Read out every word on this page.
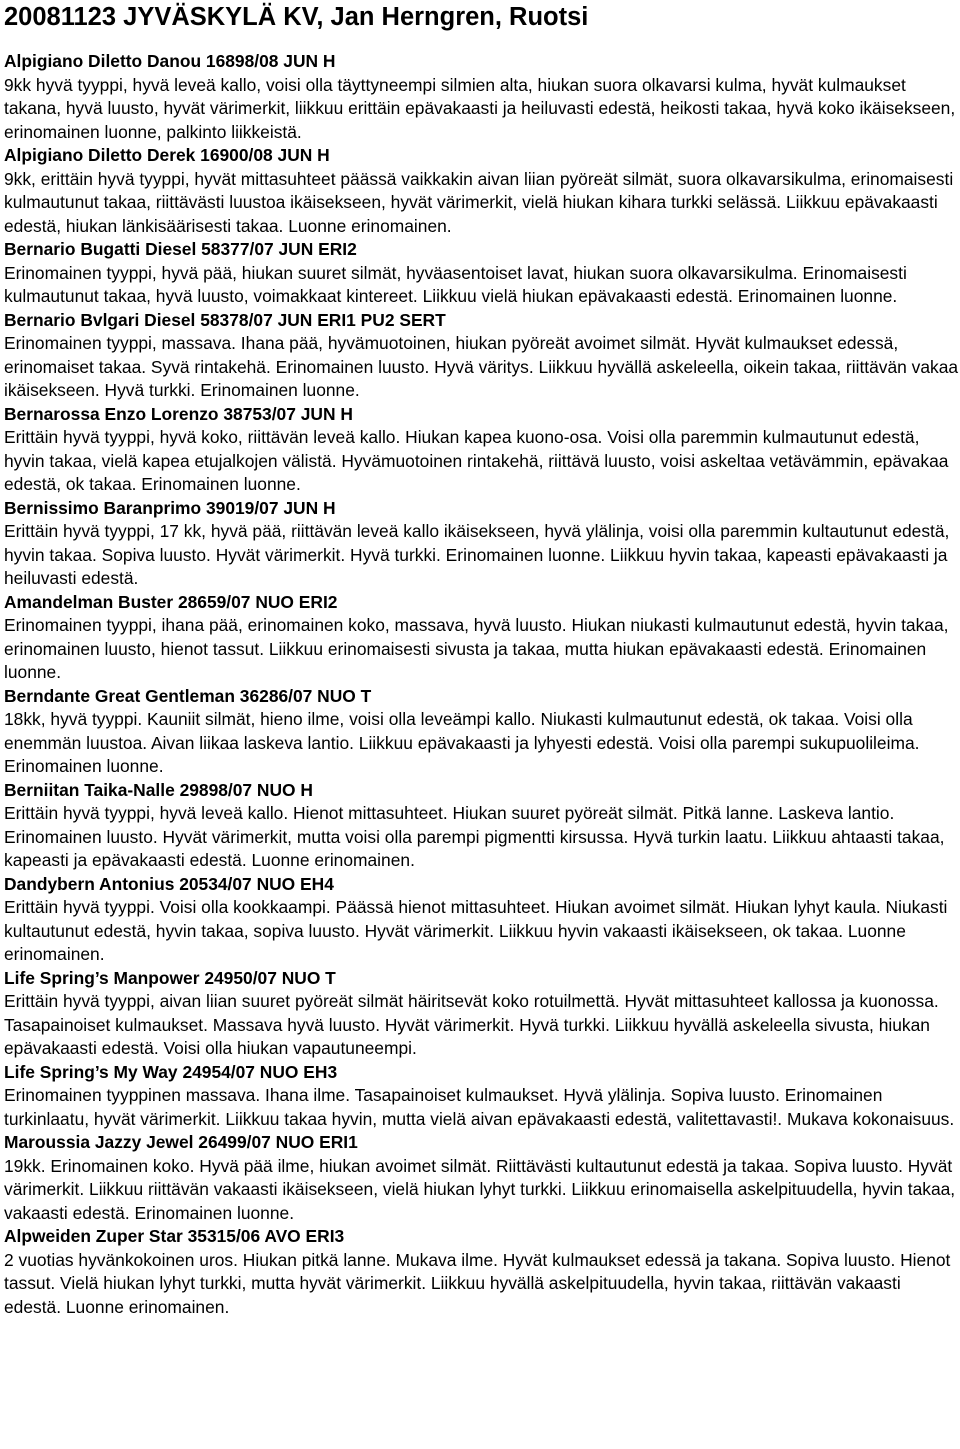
20081123 JYVÄSKYLÄ KV, Jan Herngren, Ruotsi
Alpigiano Diletto Danou 16898/08 JUN H
9kk hyvä tyyppi, hyvä leveä kallo, voisi olla täyttyneempi silmien alta, hiukan suora olkavarsi kulma, hyvät kulmaukset takana, hyvä luusto, hyvät värimerkit, liikkuu erittäin epävakaasti ja heiluvasti edestä, heikosti takaa, hyvä koko ikäisekseen, erinomainen luonne, palkinto liikkeistä.
Alpigiano Diletto Derek 16900/08 JUN H
9kk, erittäin hyvä tyyppi, hyvät mittasuhteet päässä vaikkakin aivan liian pyöreät silmät, suora olkavarsikulma, erinomaisesti kulmautunut takaa, riittävästi luustoa ikäisekseen, hyvät värimerkit, vielä hiukan kihara turkki selässä. Liikkuu epävakaasti edestä, hiukan länkisäärisesti takaa. Luonne erinomainen.
Bernario Bugatti Diesel 58377/07 JUN ERI2
Erinomainen tyyppi, hyvä pää, hiukan suuret silmät, hyväasentoiset lavat, hiukan suora olkavarsikulma. Erinomaisesti kulmautunut takaa, hyvä luusto, voimakkaat kintereet. Liikkuu vielä hiukan epävakaasti edestä. Erinomainen luonne.
Bernario Bvlgari Diesel 58378/07 JUN ERI1 PU2 SERT
Erinomainen tyyppi, massava. Ihana pää, hyvämuotoinen, hiukan pyöreät avoimet silmät. Hyvät kulmaukset edessä, erinomaiset takaa. Syvä rintakehä. Erinomainen luusto. Hyvä väritys. Liikkuu hyvällä askeleella, oikein takaa, riittävän vakaa ikäisekseen. Hyvä turkki. Erinomainen luonne.
Bernarossa Enzo Lorenzo 38753/07 JUN H
Erittäin hyvä tyyppi, hyvä koko, riittävän leveä kallo. Hiukan kapea kuono-osa. Voisi olla paremmin kulmautunut edestä, hyvin takaa, vielä kapea etujalkojen välistä. Hyvämuotoinen rintakehä, riittävä luusto, voisi askeltaa vetävämmin, epävakaa edestä, ok takaa. Erinomainen luonne.
Bernissimo Baranprimo 39019/07 JUN H
Erittäin hyvä tyyppi, 17 kk, hyvä pää, riittävän leveä kallo ikäisekseen, hyvä ylälinja, voisi olla paremmin kultautunut edestä, hyvin takaa. Sopiva luusto. Hyvät värimerkit. Hyvä turkki. Erinomainen luonne. Liikkuu hyvin takaa, kapeasti epävakaasti ja heiluvasti edestä.
Amandelman Buster 28659/07 NUO ERI2
Erinomainen tyyppi, ihana pää, erinomainen koko, massava, hyvä luusto. Hiukan niukasti kulmautunut edestä, hyvin takaa, erinomainen luusto, hienot tassut. Liikkuu erinomaisesti sivusta ja takaa, mutta hiukan epävakaasti edestä. Erinomainen luonne.
Berndante Great Gentleman 36286/07 NUO T
18kk, hyvä tyyppi. Kauniit silmät, hieno ilme, voisi olla leveämpi kallo. Niukasti kulmautunut edestä, ok takaa. Voisi olla enemmän luustoa. Aivan liikaa laskeva lantio. Liikkuu epävakaasti ja lyhyesti edestä. Voisi olla parempi sukupuolileima. Erinomainen luonne.
Berniitan Taika-Nalle 29898/07 NUO H
Erittäin hyvä tyyppi, hyvä leveä kallo. Hienot mittasuhteet. Hiukan suuret pyöreät silmät. Pitkä lanne. Laskeva lantio. Erinomainen luusto. Hyvät värimerkit, mutta voisi olla parempi pigmentti kirsussa. Hyvä turkin laatu. Liikkuu ahtaasti takaa, kapeasti ja epävakaasti edestä. Luonne erinomainen.
Dandybern Antonius 20534/07 NUO EH4
Erittäin hyvä tyyppi. Voisi olla kookkaampi. Päässä hienot mittasuhteet. Hiukan avoimet silmät. Hiukan lyhyt kaula. Niukasti kultautunut edestä, hyvin takaa, sopiva luusto. Hyvät värimerkit. Liikkuu hyvin vakaasti ikäisekseen, ok takaa. Luonne erinomainen.
Life Spring’s Manpower 24950/07 NUO T
Erittäin hyvä tyyppi, aivan liian suuret pyöreät silmät häiritsevät koko rotuilmettä. Hyvät mittasuhteet kallossa ja kuonossa. Tasapainoiset kulmaukset. Massava hyvä luusto. Hyvät värimerkit. Hyvä turkki. Liikkuu hyvällä askeleella sivusta, hiukan epävakaasti edestä. Voisi olla hiukan vapautuneempi.
Life Spring’s My Way 24954/07 NUO EH3
Erinomainen tyyppinen massava. Ihana ilme. Tasapainoiset kulmaukset. Hyvä ylälinja. Sopiva luusto. Erinomainen turkinlaatu, hyvät värimerkit. Liikkuu takaa hyvin, mutta vielä aivan epävakaasti edestä, valitettavasti!. Mukava kokonaisuus.
Maroussia Jazzy Jewel 26499/07 NUO ERI1
19kk. Erinomainen koko. Hyvä pää ilme, hiukan avoimet silmät. Riittävästi kultautunut edestä ja takaa. Sopiva luusto. Hyvät värimerkit. Liikkuu riittävän vakaasti ikäisekseen, vielä hiukan lyhyt turkki. Liikkuu erinomaisella askelpituudella, hyvin takaa, vakaasti edestä. Erinomainen luonne.
Alpweiden Zuper Star 35315/06 AVO ERI3
2 vuotias hyvänkokoinen uros. Hiukan pitkä lanne. Mukava ilme. Hyvät kulmaukset edessä ja takana. Sopiva luusto. Hienot tassut. Vielä hiukan lyhyt turkki, mutta hyvät värimerkit. Liikkuu hyvällä askelpituudella, hyvin takaa, riittävän vakaasti edestä. Luonne erinomainen.
